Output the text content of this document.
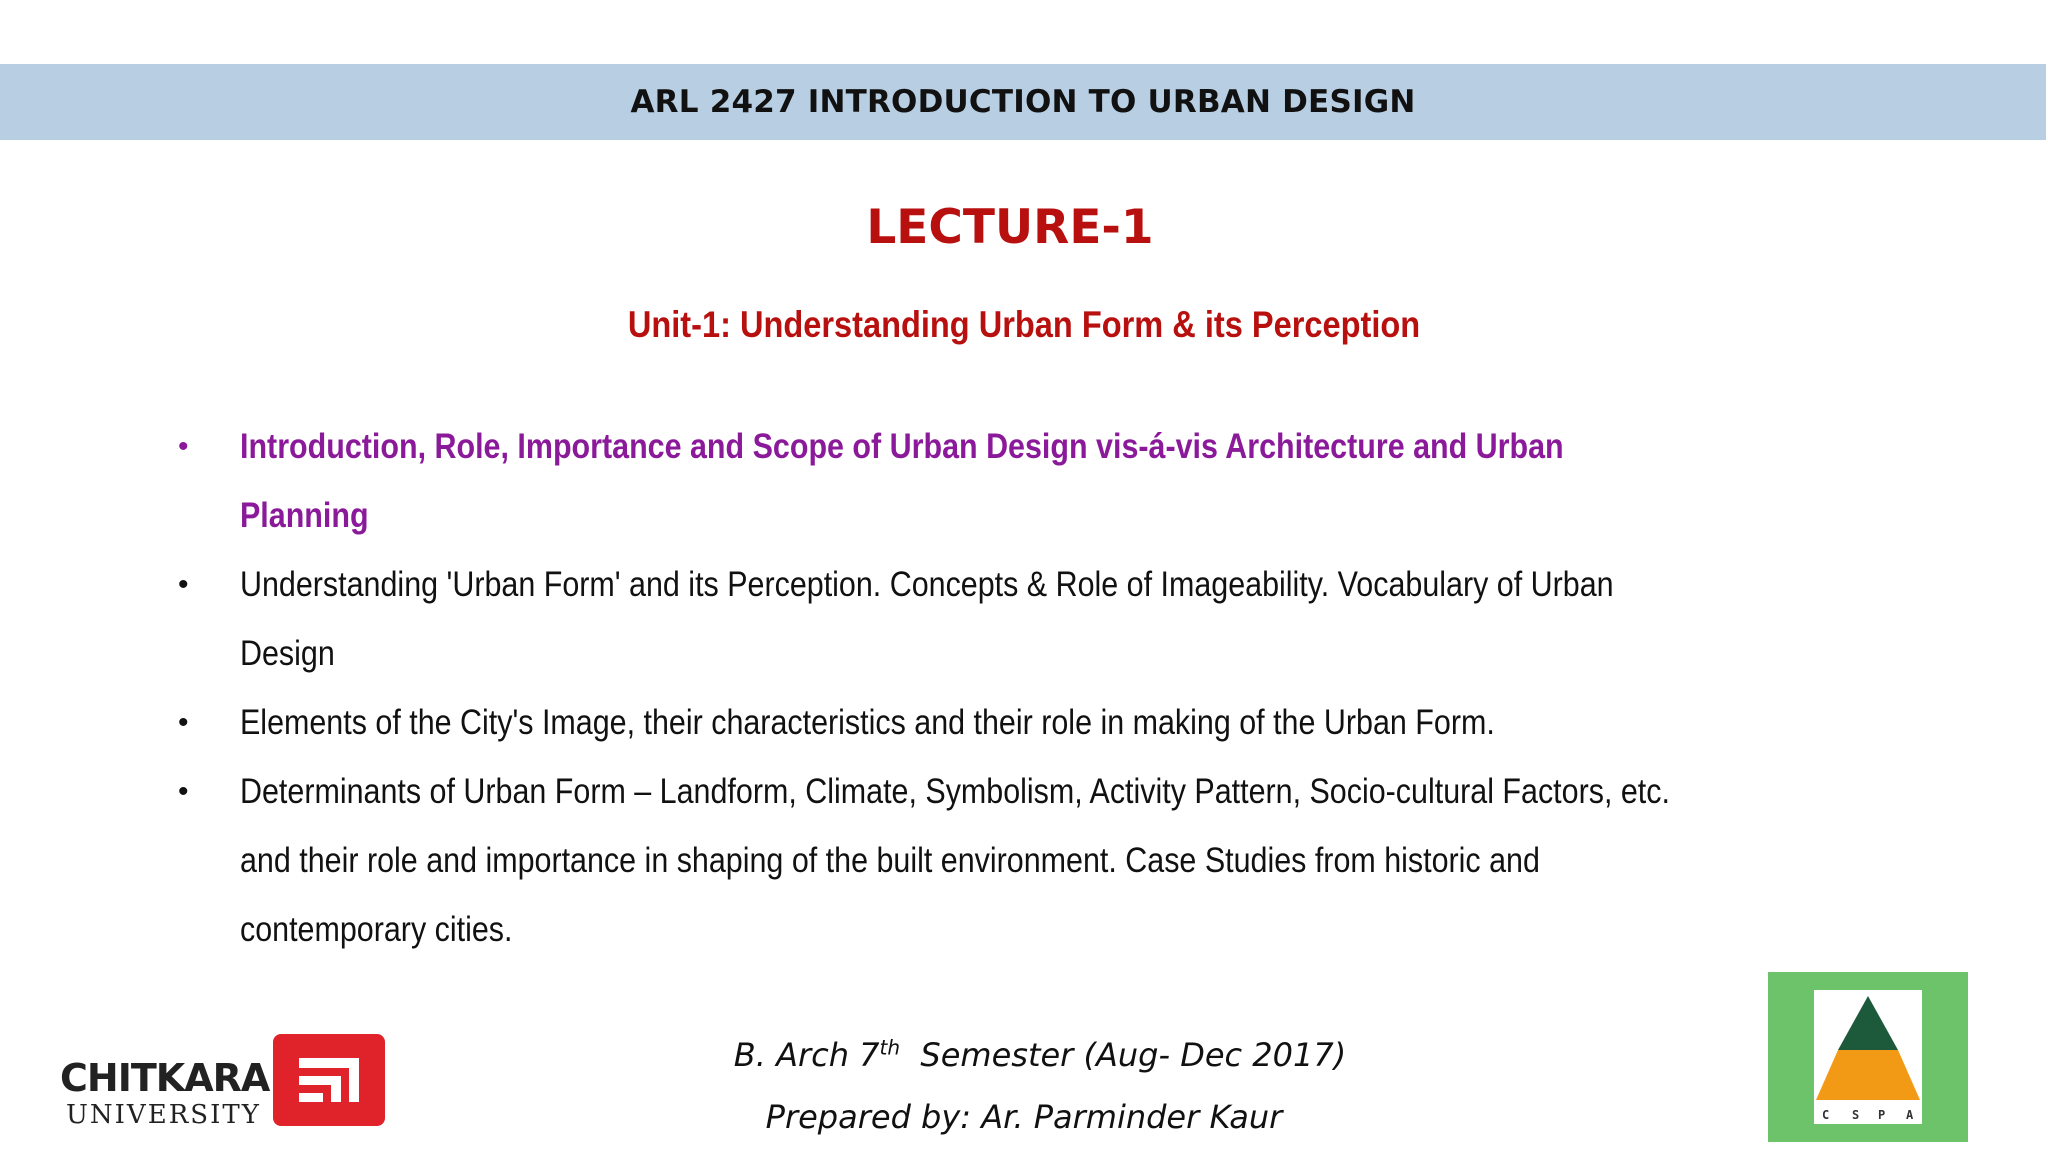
ARL 2427 INTRODUCTION TO URBAN DESIGN
LECTURE-1
Unit-1: Understanding Urban Form & its Perception
•	Introduction, Role, Importance and Scope of Urban Design vis-á-vis Architecture and Urban Planning
•	Understanding 'Urban Form' and its Perception. Concepts & Role of Imageability. Vocabulary of Urban Design
•	Elements of the City's Image, their characteristics and their role in making of the Urban Form.
•	Determinants of Urban Form – Landform, Climate, Symbolism, Activity Pattern, Socio-cultural Factors, etc. and their role and importance in shaping of the built environment. Case Studies from historic and contemporary cities.
CHITKARA
UNIVERSITY
B. Arch 7th  Semester (Aug- Dec 2017)
Prepared by: Ar. Parminder Kaur	C S P A
